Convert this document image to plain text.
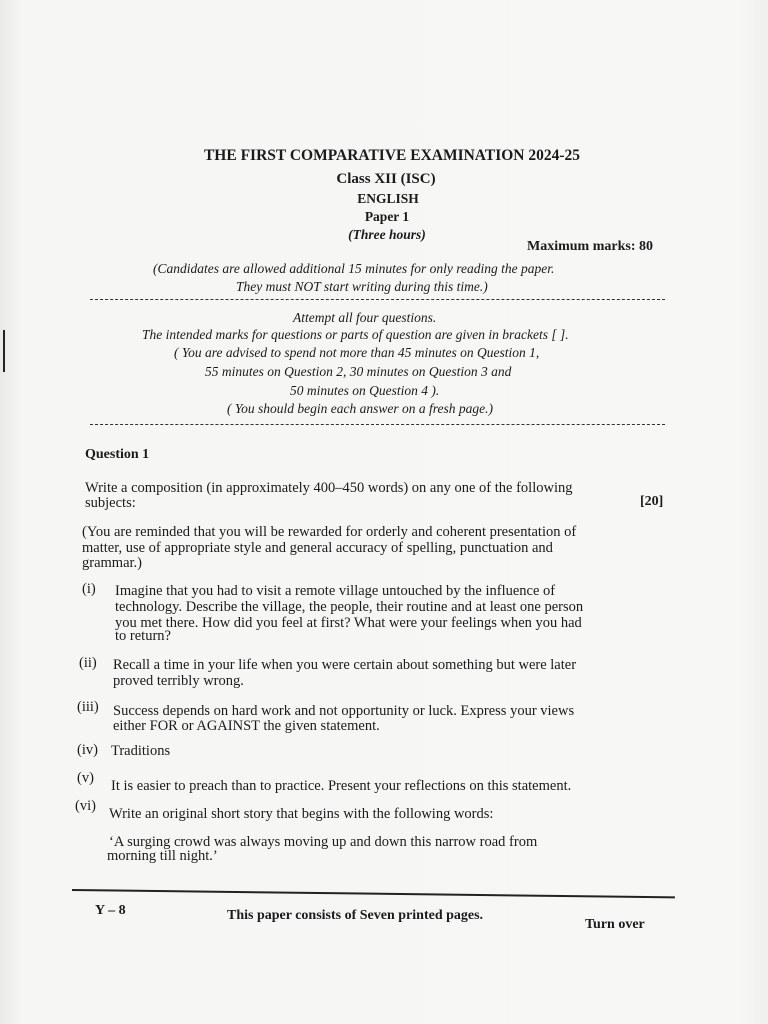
THE FIRST COMPARATIVE EXAMINATION 2024-25
Class XII (ISC)
ENGLISH
Paper 1
(Three hours)
Maximum marks: 80
(Candidates are allowed additional 15 minutes for only reading the paper.
They must NOT start writing during this time.)
Attempt all four questions.
The intended marks for questions or parts of question are given in brackets [ ].
( You are advised to spend not more than 45 minutes on Question 1,
55 minutes on Question 2, 30 minutes on Question 3 and
50 minutes on Question 4 ).
( You should begin each answer on a fresh page.)
Question 1
Write a composition (in approximately 400–450 words) on any one of the following
subjects:	[20]
(You are reminded that you will be rewarded for orderly and coherent presentation of
matter, use of appropriate style and general accuracy of spelling, punctuation and
grammar.)
(i) Imagine that you had to visit a remote village untouched by the influence of
technology. Describe the village, the people, their routine and at least one person
you met there. How did you feel at first? What were your feelings when you had
to return?
(ii) Recall a time in your life when you were certain about something but were later
proved terribly wrong.
(iii) Success depends on hard work and not opportunity or luck. Express your views
either FOR or AGAINST the given statement.
(iv) Traditions
(v) It is easier to preach than to practice. Present your reflections on this statement.
(vi) Write an original short story that begins with the following words:
‘A surging crowd was always moving up and down this narrow road from
morning till night.’
Y – 8	This paper consists of Seven printed pages.
Turn over
